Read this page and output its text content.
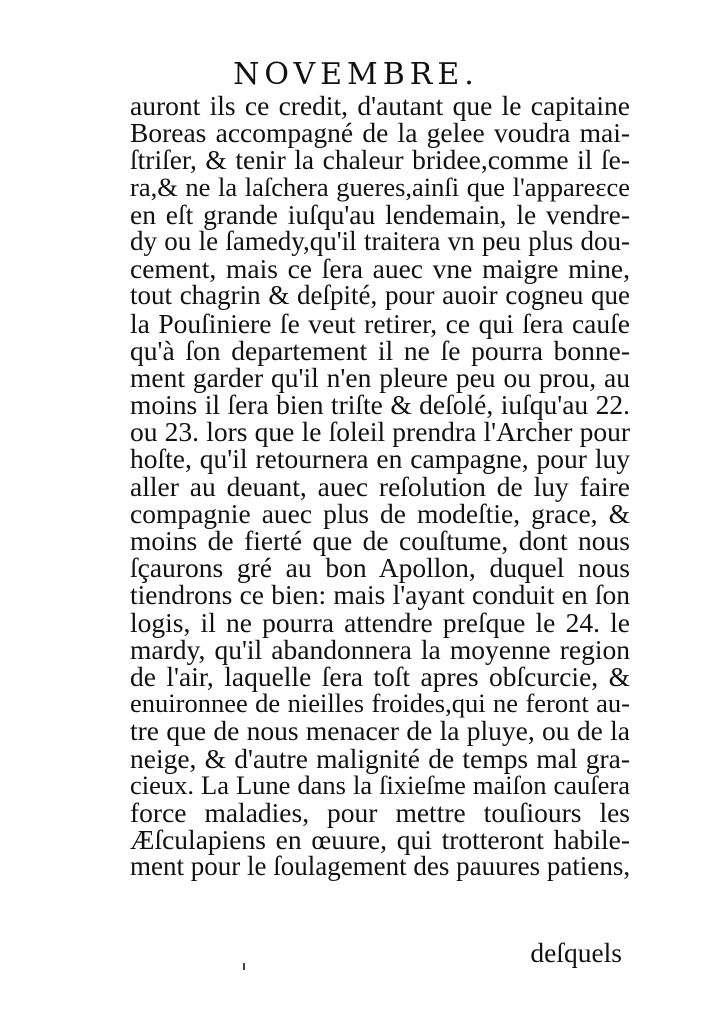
NOVEMBRE.
auront ils ce credit, d'autant que le capitaine
Boreas accompagné de la gelee voudra mai-
ſtriſer, & tenir la chaleur bridee,comme il ſe-
ra,& ne la laſchera gueres,ainſi que l'appareɛce
en eſt grande iuſqu'au lendemain, le vendre-
dy ou le ſamedy,qu'il traitera vn peu plus dou-
cement, mais ce ſera auec vne maigre mine,
tout chagrin & deſpité, pour auoir cogneu que
la Pouſiniere ſe veut retirer, ce qui ſera cauſe
qu'à ſon departement il ne ſe pourra bonne-
ment garder qu'il n'en pleure peu ou prou, au
moins il ſera bien triſte & deſolé, iuſqu'au 22.
ou 23. lors que le ſoleil prendra l'Archer pour
hoſte, qu'il retournera en campagne, pour luy
aller au deuant, auec reſolution de luy faire
compagnie auec plus de modeſtie, grace, &
moins de fierté que de couſtume, dont nous
ſçaurons gré au bon Apollon, duquel nous
tiendrons ce bien: mais l'ayant conduit en ſon
logis, il ne pourra attendre preſque le 24. le
mardy, qu'il abandonnera la moyenne region
de l'air, laquelle ſera toſt apres obſcurcie, &
enuironnee de nieilles froides,qui ne feront au-
tre que de nous menacer de la pluye, ou de la
neige, & d'autre malignité de temps mal gra-
cieux. La Lune dans la ſixieſme maiſon cauſera
force maladies, pour mettre touſiours les
Æſculapiens en œuure, qui trotteront habile-
ment pour le ſoulagement des pauures patiens,
deſquels
